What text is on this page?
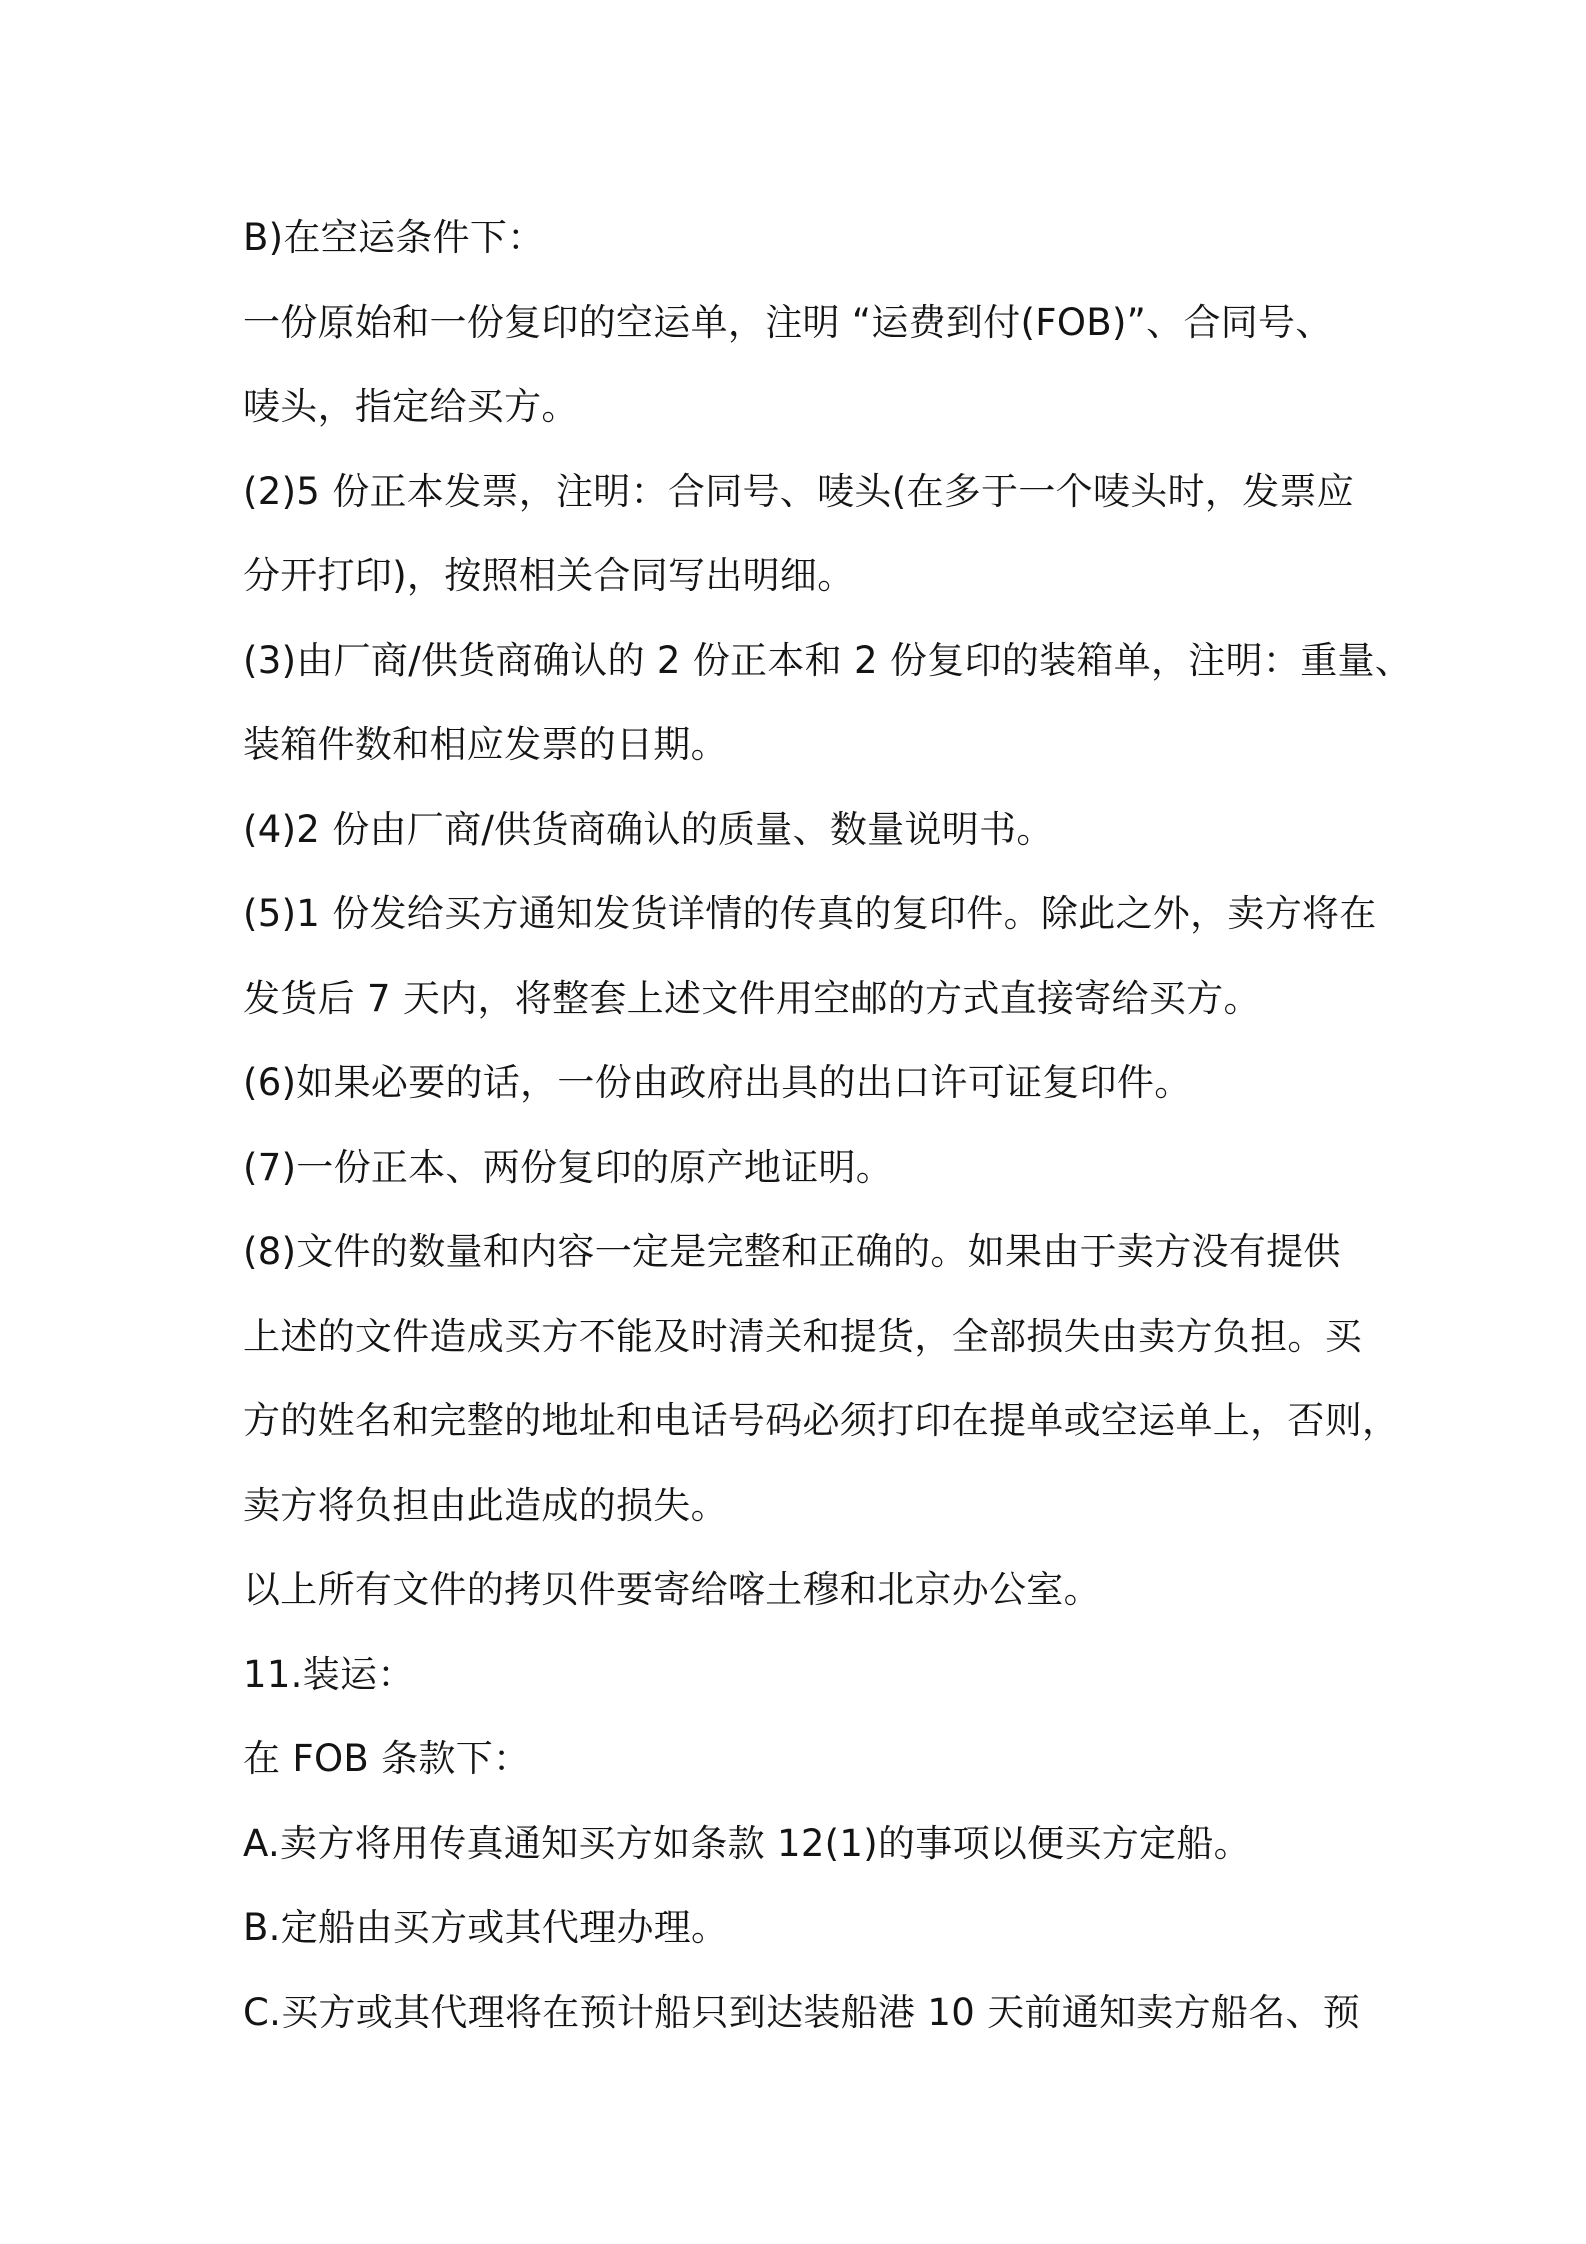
B)在空运条件下：
一份原始和一份复印的空运单，注明 “运费到付(FOB)”、合同号、
唛头，指定给买方。
(2)5 份正本发票，注明：合同号、唛头(在多于一个唛头时，发票应
分开打印)，按照相关合同写出明细。
(3)由厂商/供货商确认的 2 份正本和 2 份复印的装箱单，注明：重量、
装箱件数和相应发票的日期。
(4)2 份由厂商/供货商确认的质量、数量说明书。
(5)1 份发给买方通知发货详情的传真的复印件。除此之外，卖方将在
发货后 7 天内，将整套上述文件用空邮的方式直接寄给买方。
(6)如果必要的话，一份由政府出具的出口许可证复印件。
(7)一份正本、两份复印的原产地证明。
(8)文件的数量和内容一定是完整和正确的。如果由于卖方没有提供
上述的文件造成买方不能及时清关和提货，全部损失由卖方负担。买
方的姓名和完整的地址和电话号码必须打印在提单或空运单上，否则，
卖方将负担由此造成的损失。
以上所有文件的拷贝件要寄给喀土穆和北京办公室。
11.装运：
在 FOB 条款下：
A.卖方将用传真通知买方如条款 12(1)的事项以便买方定船。
B.定船由买方或其代理办理。
C.买方或其代理将在预计船只到达装船港 10 天前通知卖方船名、预
